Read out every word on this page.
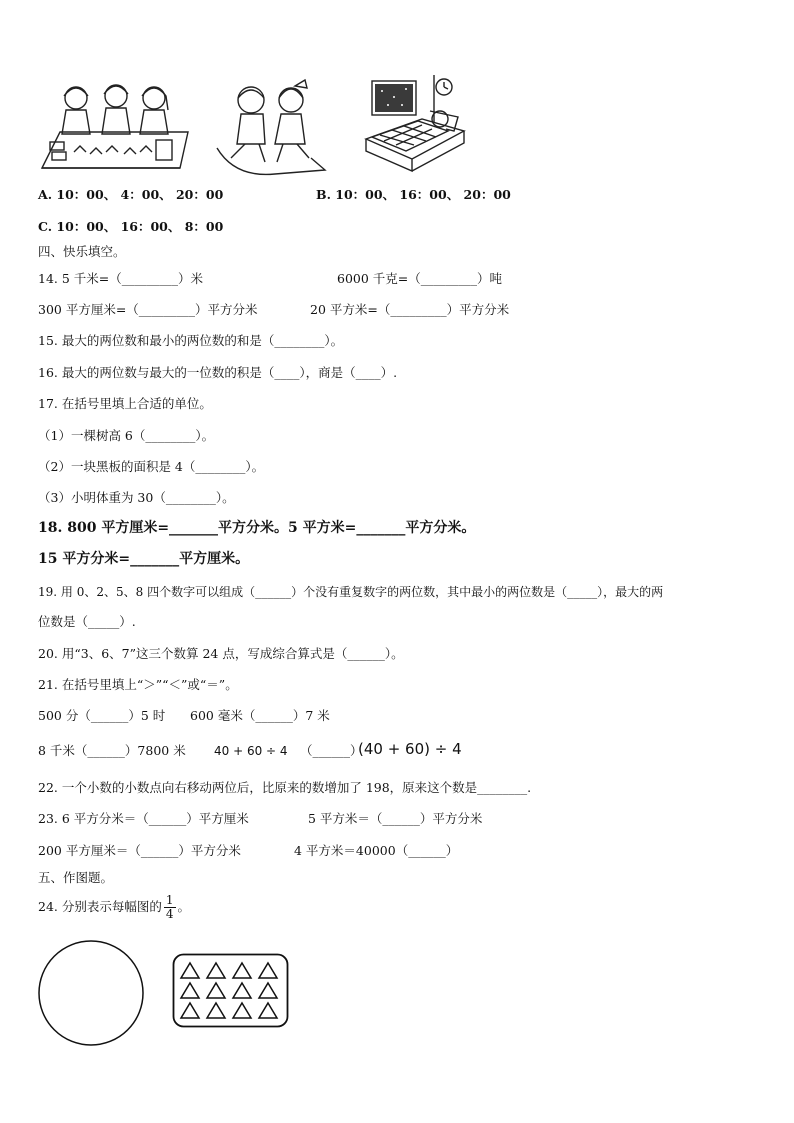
A. 10：00、 4：00、 20：00	B. 10：00、 16：00、 20：00
C. 10：00、 16：00、 8：00
四、快乐填空。
14. 5 千米=（_________）米	6000 千克=（_________）吨
300 平方厘米=（_________）平方分米	20 平方米=（_________）平方分米
15. 最大的两位数和最小的两位数的和是（________）。
16. 最大的两位数与最大的一位数的积是（____），商是（____）.
17. 在括号里填上合适的单位。
（1）一棵树高 6（________）。
（2）一块黑板的面积是 4（________）。
（3）小明体重为 30（________）。
18. 800 平方厘米=_______平方分米。5 平方米=_______平方分米。
15 平方分米=_______平方厘米。
19. 用 0、2、5、8 四个数字可以组成（______）个没有重复数字的两位数，其中最小的两位数是（_____），最大的两
位数是（_____）.
20. 用“3、6、7”这三个数算 24 点，写成综合算式是（______）。
21. 在括号里填上“＞”“＜”或“＝”。
500 分（______）5 时 600 毫米（______）7 米
8 千米（______）7800 米 40 + 60 ÷ 4 （______）
(40 + 60) ÷ 4
22. 一个小数的小数点向右移动两位后，比原来的数增加了 198，原来这个数是________.
23. 6 平方分米＝（______）平方厘米	5 平方米＝（______）平方分米
200 平方厘米＝（______）平方分米	4 平方米＝40000（______）
五、作图题。
24. 分别表示每幅图的 $\frac{1}{4}$ 。
